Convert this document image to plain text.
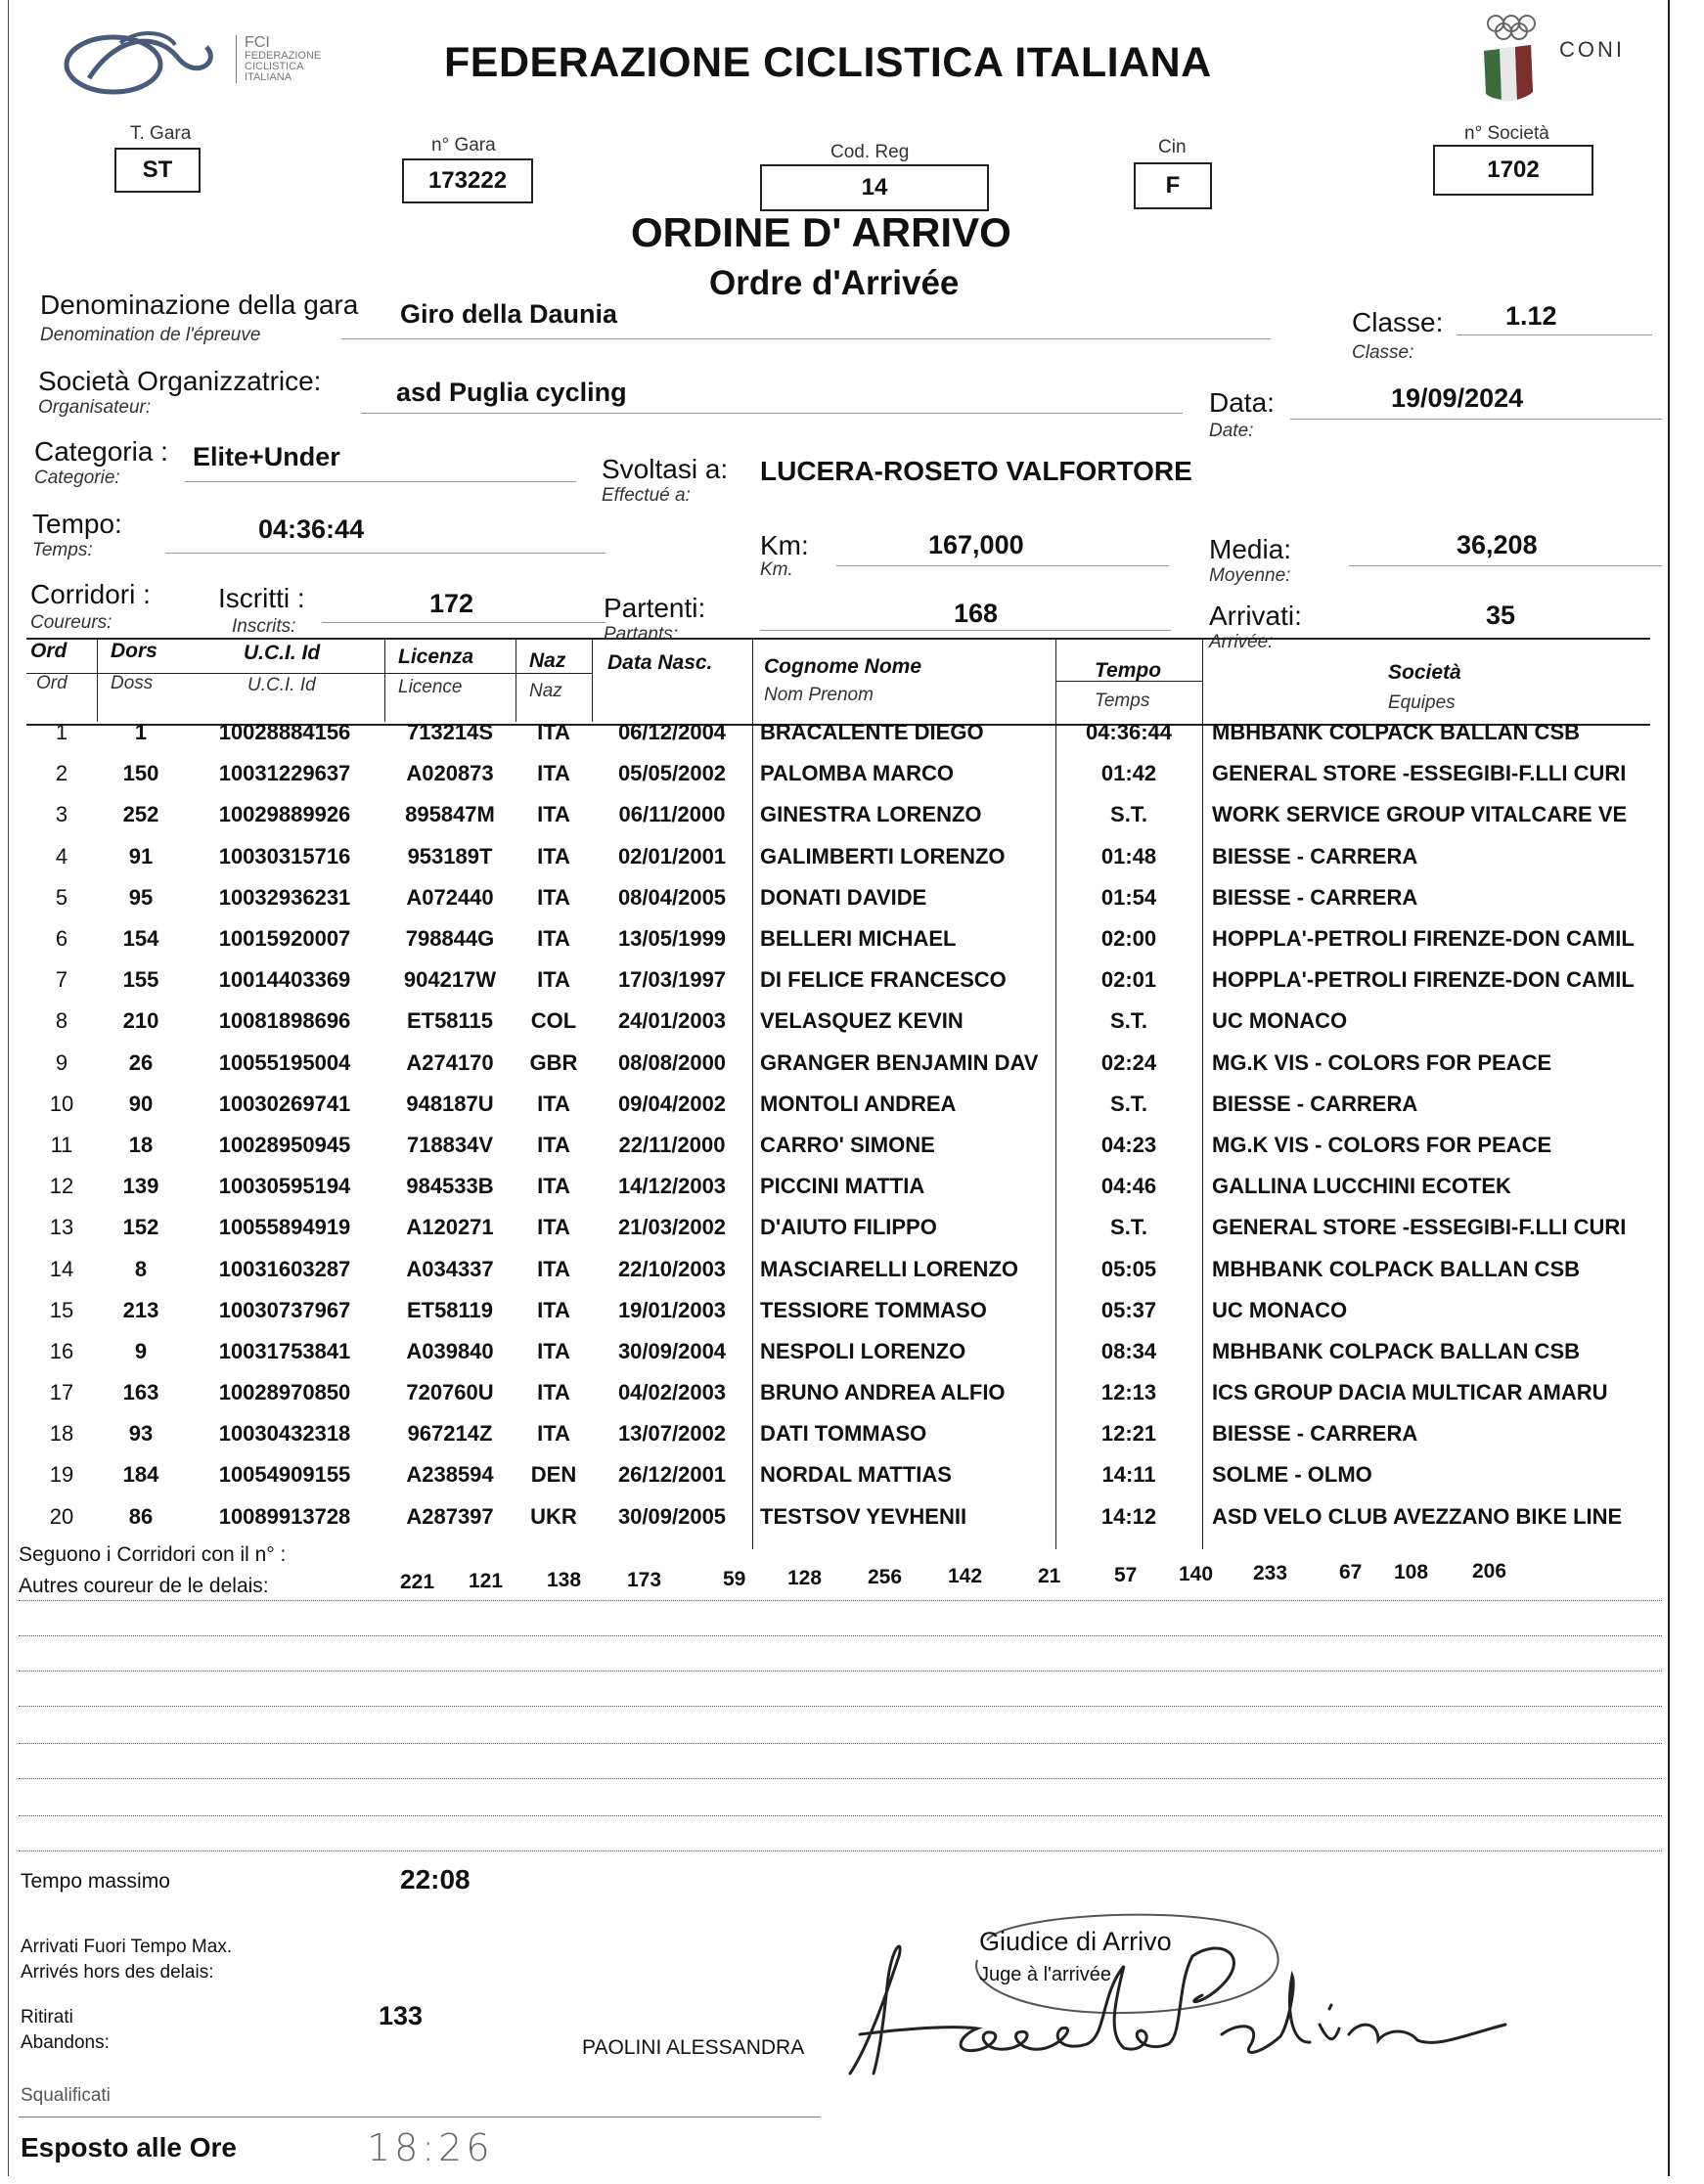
FCI
FEDERAZIONE
CICLISTICA
ITALIANA	FEDERAZIONE CICLISTICA ITALIANA	CONI
T. Gara
ST
n° Gara
173222
Cod. Reg
14
Cin
F
n° Società
1702
ORDINE D' ARRIVO
Ordre d'Arrivée
Denominazione della gara
Denomination de l'épreuve
Giro della Daunia	Classe:
Classe:
1.12
Società Organizzatrice:
Organisateur:
asd Puglia cycling	Data:
Date:
19/09/2024
Categoria :
Categorie:
Elite+Under	Svoltasi a:
Effectué a:
LUCERA-ROSETO VALFORTORE
Tempo:
Temps:
04:36:44
Km:
Km.
167,000	Media:
Moyenne:
36,208
Corridori :
Coureurs:
Iscritti :
Inscrits:
172	Partenti:
Partants:
168	Arrivati:
Arrivée:
35
Ord
Ord
Dors
Doss
U.C.I. Id
U.C.I. Id
Licenza
Licence
Naz
Naz
Data Nasc.	Cognome Nome
Nom Prenom
Tempo
Temps
Società
Equipes
1	1	10028884156	713214S	ITA	06/12/2004	BRACALENTE DIEGO	04:36:44	MBHBANK COLPACK BALLAN CSB
2	150	10031229637	A020873	ITA	05/05/2002	PALOMBA MARCO	01:42	GENERAL STORE -ESSEGIBI-F.LLI CURI
3	252	10029889926	895847M	ITA	06/11/2000	GINESTRA LORENZO	S.T.	WORK SERVICE GROUP VITALCARE VE
4	91	10030315716	953189T	ITA	02/01/2001	GALIMBERTI LORENZO	01:48	BIESSE - CARRERA
5	95	10032936231	A072440	ITA	08/04/2005	DONATI DAVIDE	01:54	BIESSE - CARRERA
6	154	10015920007	798844G	ITA	13/05/1999	BELLERI MICHAEL	02:00	HOPPLA'-PETROLI FIRENZE-DON CAMIL
7	155	10014403369	904217W	ITA	17/03/1997	DI FELICE FRANCESCO	02:01	HOPPLA'-PETROLI FIRENZE-DON CAMIL
8	210	10081898696	ET58115	COL	24/01/2003	VELASQUEZ KEVIN	S.T.	UC MONACO
9	26	10055195004	A274170	GBR	08/08/2000	GRANGER BENJAMIN DAV	02:24	MG.K VIS - COLORS FOR PEACE
10	90	10030269741	948187U	ITA	09/04/2002	MONTOLI ANDREA	S.T.	BIESSE - CARRERA
11	18	10028950945	718834V	ITA	22/11/2000	CARRO' SIMONE	04:23	MG.K VIS - COLORS FOR PEACE
12	139	10030595194	984533B	ITA	14/12/2003	PICCINI MATTIA	04:46	GALLINA LUCCHINI ECOTEK
13	152	10055894919	A120271	ITA	21/03/2002	D'AIUTO FILIPPO	S.T.	GENERAL STORE -ESSEGIBI-F.LLI CURI
14	8	10031603287	A034337	ITA	22/10/2003	MASCIARELLI LORENZO	05:05	MBHBANK COLPACK BALLAN CSB
15	213	10030737967	ET58119	ITA	19/01/2003	TESSIORE TOMMASO	05:37	UC MONACO
16	9	10031753841	A039840	ITA	30/09/2004	NESPOLI LORENZO	08:34	MBHBANK COLPACK BALLAN CSB
17	163	10028970850	720760U	ITA	04/02/2003	BRUNO ANDREA ALFIO	12:13	ICS GROUP DACIA MULTICAR AMARU
18	93	10030432318	967214Z	ITA	13/07/2002	DATI TOMMASO	12:21	BIESSE - CARRERA
19	184	10054909155	A238594	DEN	26/12/2001	NORDAL MATTIAS	14:11	SOLME - OLMO
20	86	10089913728	A287397	UKR	30/09/2005	TESTSOV YEVHENII	14:12	ASD VELO CLUB AVEZZANO BIKE LINE
Seguono i Corridori con il n° :
Autres coureur de le delais:	221 121 138 173	59 128 256 142	21	57 140 233	67 108 206
Tempo massimo	22:08
Arrivati Fuori Tempo Max.
Arrivés hors des delais:
Ritirati
Abandons:
133
Squalificati
Esposto alle Ore	18:26
Giudice di Arrivo
Juge à l'arrivée
PAOLINI ALESSANDRA
